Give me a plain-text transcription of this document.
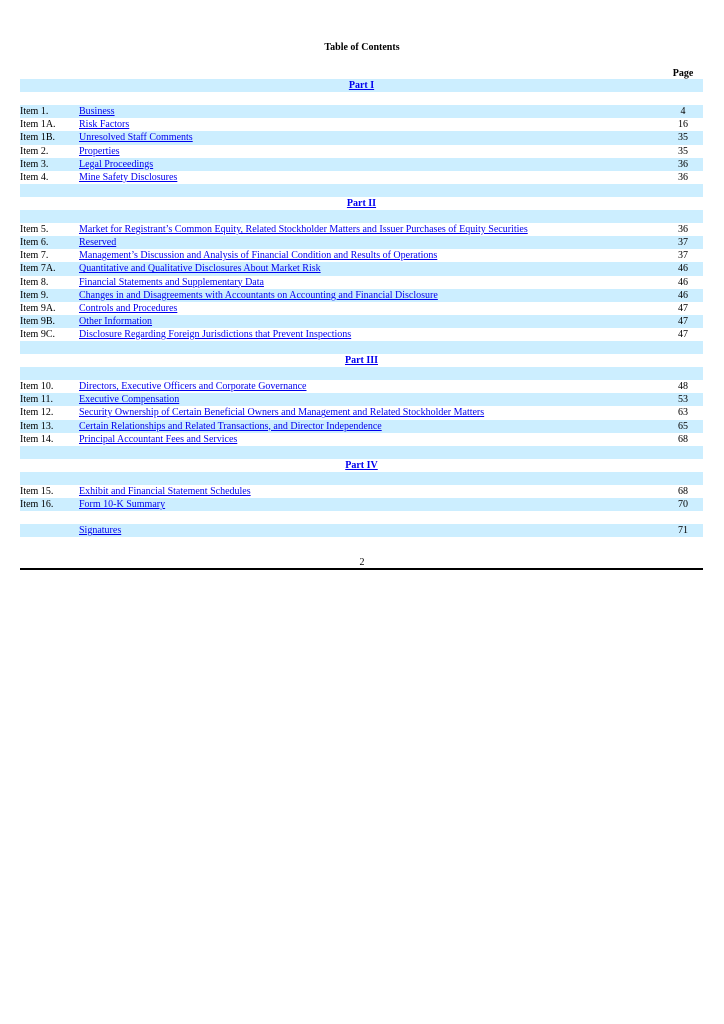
Table of Contents
Page
Part I
Item 1.	Business	4
Item 1A. Risk Factors	16
Item 1B. Unresolved Staff Comments	35
Item 2.	Properties	35
Item 3.	Legal Proceedings	36
Item 4.	Mine Safety Disclosures	36
Part II
Item 5.	Market for Registrant’s Common Equity, Related Stockholder Matters and Issuer Purchases of Equity Securities	36
Item 6.	Reserved	37
Item 7.	Management’s Discussion and Analysis of Financial Condition and Results of Operations	37
Item 7A. Quantitative and Qualitative Disclosures About Market Risk	46
Item 8.	Financial Statements and Supplementary Data	46
Item 9.	Changes in and Disagreements with Accountants on Accounting and Financial Disclosure	46
Item 9A. Controls and Procedures	47
Item 9B. Other Information	47
Item 9C. Disclosure Regarding Foreign Jurisdictions that Prevent Inspections	47
Part III
Item 10.	Directors, Executive Officers and Corporate Governance	48
Item 11.	Executive Compensation	53
Item 12.	Security Ownership of Certain Beneficial Owners and Management and Related Stockholder Matters	63
Item 13.	Certain Relationships and Related Transactions, and Director Independence	65
Item 14.	Principal Accountant Fees and Services	68
Part IV
Item 15.	Exhibit and Financial Statement Schedules	68
Item 16.	Form 10-K Summary	70
Signatures	71
2
